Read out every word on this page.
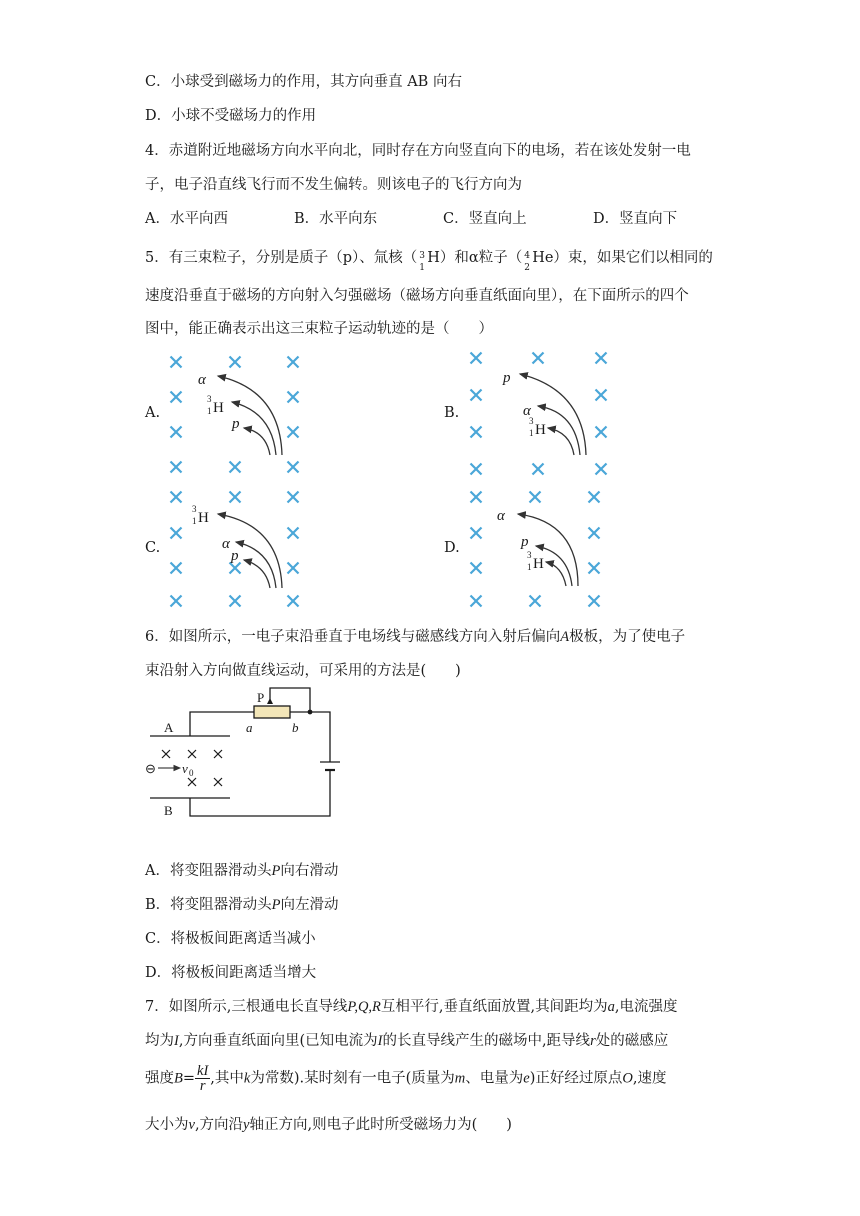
C．小球受到磁场力的作用，其方向垂直 AB 向右
D．小球不受磁场力的作用
4．赤道附近地磁场方向水平向北，同时存在方向竖直向下的电场，若在该处发射一电
子，电子沿直线飞行而不发生偏转。则该电子的飞行方向为
A．水平向西	B．水平向东	C．竖直向上	D．竖直向下
5．有三束粒子，分别是质子（p）、氚核（ 3
1
H）和α粒子（ 4
2
He）束，如果它们以相同的
速度沿垂直于磁场的方向射入匀强磁场（磁场方向垂直纸面向里），在下面所示的四个
图中，能正确表示出这三束粒子运动轨迹的是（　　）
A.	B.
C.	D.
α
3
1 H
p
p
α
3
1 H
3
1 H
α
p
α
p
3
1 H
6．如图所示，一电子束沿垂直于电场线与磁感线方向入射后偏向A极板，为了使电子
束沿射入方向做直线运动，可采用的方法是(　　)
P
a	b
A
B
⊖ v 0
A．将变阻器滑动头P向右滑动
B．将变阻器滑动头P向左滑动
C．将极板间距离适当减小
D．将极板间距离适当增大
7．如图所示,三根通电长直导线P,Q,R互相平行,垂直纸面放置,其间距均为a,电流强度
均为I,方向垂直纸面向里(已知电流为I的长直导线产生的磁场中,距导线r处的磁感应
强度$B= \frac{kI}{r}$ ,其中k为常数).某时刻有一电子(质量为m、电量为e)正好经过原点O,速度
大小为v,方向沿y轴正方向,则电子此时所受磁场力为(　　)
